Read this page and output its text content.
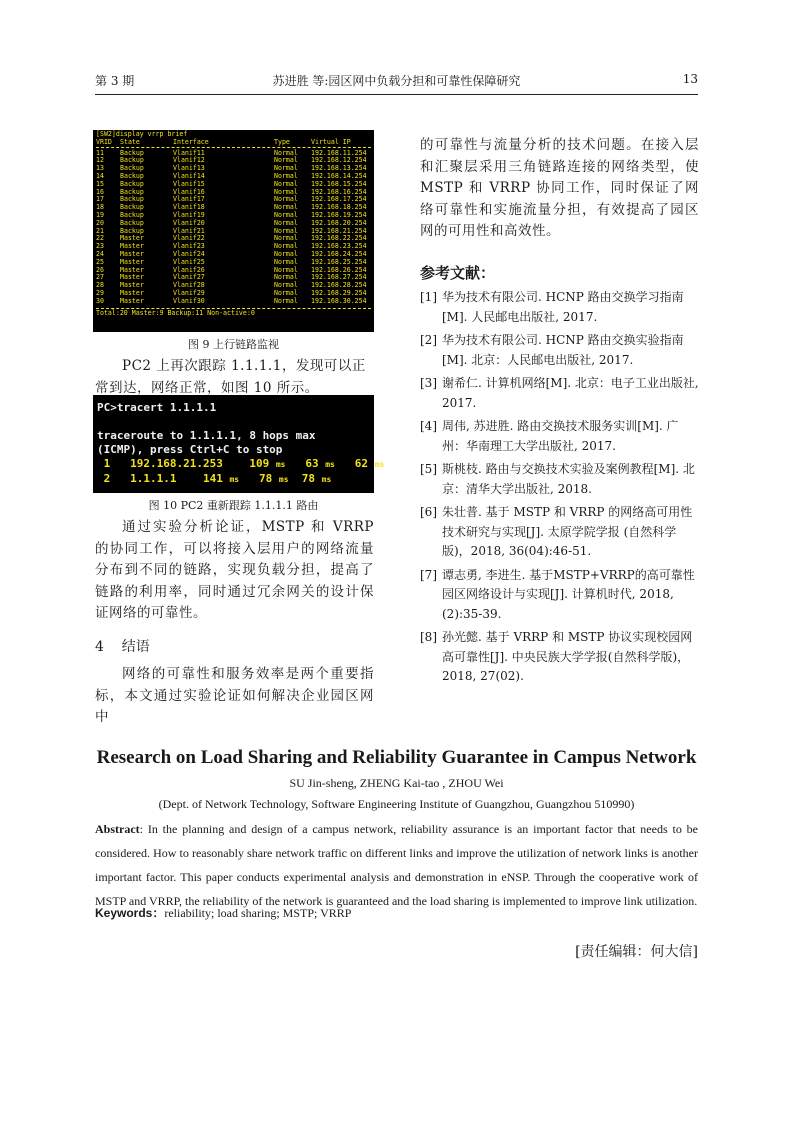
第 3 期	苏进胜 等:园区网中负载分担和可靠性保障研究	13
[SW2]display vrrp brief
VRID	State	Interface	Type	Virtual IP
11	Backup	Vlanif11	Normal	192.168.11.254
12	Backup	Vlanif12	Normal	192.168.12.254
13	Backup	Vlanif13	Normal	192.168.13.254
14	Backup	Vlanif14	Normal	192.168.14.254
15	Backup	Vlanif15	Normal	192.168.15.254
16	Backup	Vlanif16	Normal	192.168.16.254
17	Backup	Vlanif17	Normal	192.168.17.254
18	Backup	Vlanif18	Normal	192.168.18.254
19	Backup	Vlanif19	Normal	192.168.19.254
20	Backup	Vlanif20	Normal	192.168.20.254
21	Backup	Vlanif21	Normal	192.168.21.254
22	Master	Vlanif22	Normal	192.168.22.254
23	Master	Vlanif23	Normal	192.168.23.254
24	Master	Vlanif24	Normal	192.168.24.254
25	Master	Vlanif25	Normal	192.168.25.254
26	Master	Vlanif26	Normal	192.168.26.254
27	Master	Vlanif27	Normal	192.168.27.254
28	Master	Vlanif28	Normal	192.168.28.254
29	Master	Vlanif29	Normal	192.168.29.254
30	Master	Vlanif30	Normal	192.168.30.254
Total:20 Master:9 Backup:11 Non-active:0
图 9 上行链路监视
PC2 上再次跟踪 1.1.1.1，发现可以正常到达，网络正常，如图 10 所示。
PC>tracert 1.1.1.1
traceroute to 1.1.1.1, 8 hops max
(ICMP), press Ctrl+C to stop
1 192.168.21.253 109 ms 63 ms 62 ms
2 1.1.1.1 141 ms 78 ms 78 ms
图 10 PC2 重新跟踪 1.1.1.1 路由
通过实验分析论证，MSTP 和 VRRP 的协同工作，可以将接入层用户的网络流量分布到不同的链路，实现负载分担，提高了链路的利用率，同时通过冗余网关的设计保证网络的可靠性。
4 结语
网络的可靠性和服务效率是两个重要指标，本文通过实验论证如何解决企业园区网中
的可靠性与流量分析的技术问题。在接入层和汇聚层采用三角链路连接的网络类型，使 MSTP 和 VRRP 协同工作，同时保证了网络可靠性和实施流量分担，有效提高了园区网的可用性和高效性。
参考文献：
[1] 华为技术有限公司. HCNP 路由交换学习指南[M]. 人民邮电出版社, 2017.
[2] 华为技术有限公司. HCNP 路由交换实验指南[M]. 北京：人民邮电出版社, 2017.
[3] 谢希仁. 计算机网络[M]. 北京：电子工业出版社, 2017.
[4] 周伟, 苏进胜. 路由交换技术服务实训[M]. 广州：华南理工大学出版社, 2017.
[5] 斯桃枝. 路由与交换技术实验及案例教程[M]. 北京：清华大学出版社, 2018.
[6] 朱壮普. 基于 MSTP 和 VRRP 的网络高可用性技术研究与实现[J]. 太原学院学报 (自然科学版)，2018, 36(04):46-51.
[7] 谭志勇, 李进生. 基于MSTP+VRRP的高可靠性园区网络设计与实现[J]. 计算机时代, 2018, (2):35-39.
[8] 孙光懿. 基于 VRRP 和 MSTP 协议实现校园网高可靠性[J]. 中央民族大学学报(自然科学版)，2018, 27(02).
Research on Load Sharing and Reliability Guarantee in Campus Network
SU Jin-sheng, ZHENG Kai-tao , ZHOU Wei
(Dept. of Network Technology, Software Engineering Institute of Guangzhou, Guangzhou 510990)
Abstract: In the planning and design of a campus network, reliability assurance is an important factor that needs to be considered. How to reasonably share network traffic on different links and improve the utilization of network links is another important factor. This paper conducts experimental analysis and demonstration in eNSP. Through the cooperative work of MSTP and VRRP, the reliability of the network is guaranteed and the load sharing is implemented to improve link utilization.
Keywords：reliability; load sharing; MSTP; VRRP
[责任编辑：何大信]
